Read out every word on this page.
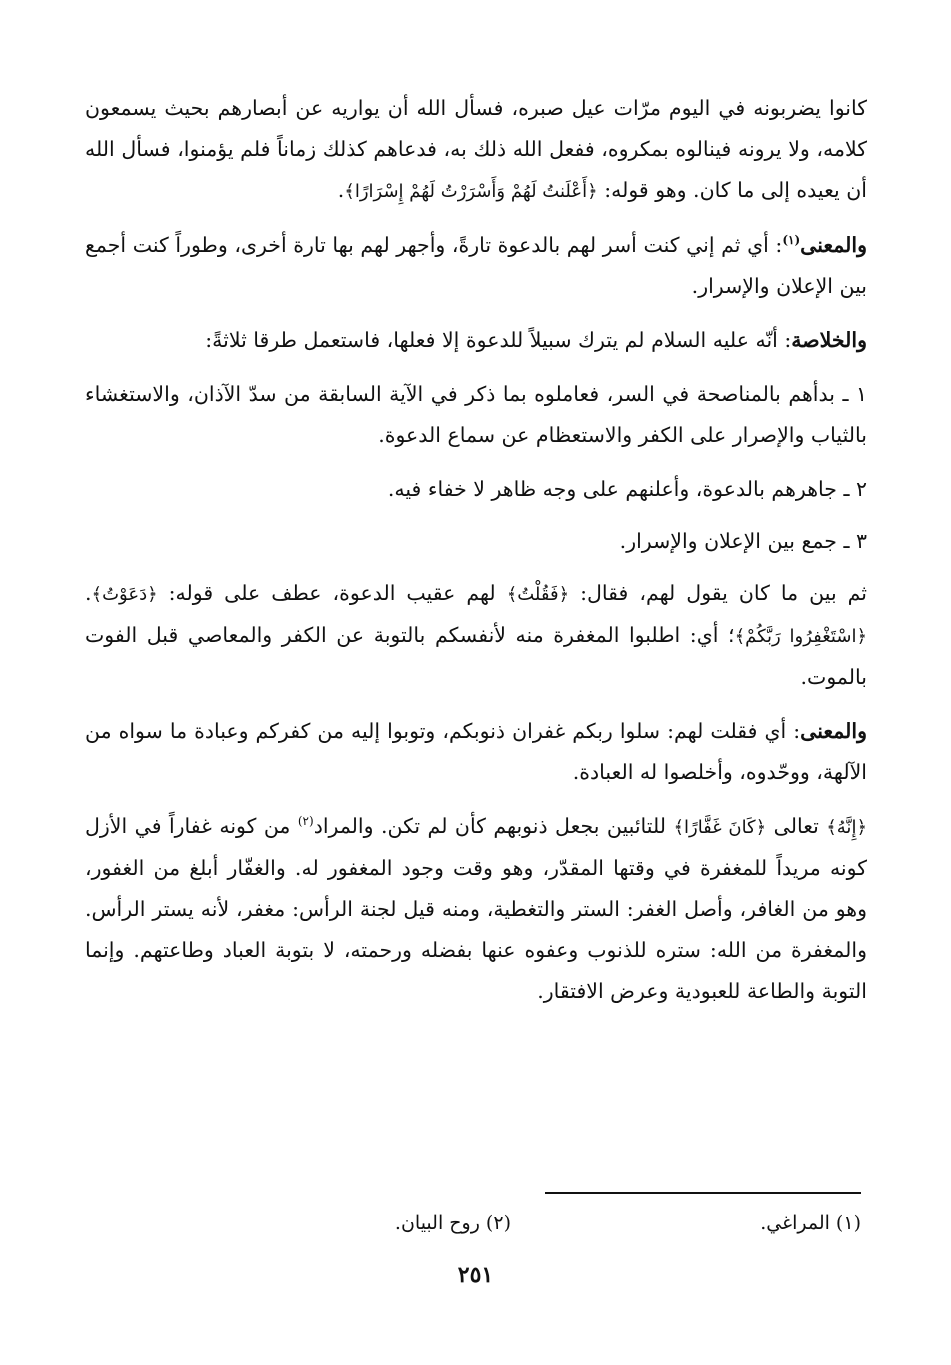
كانوا يضربونه في اليوم مرّات عيل صبره، فسأل الله أن يواريه عن أبصارهم بحيث يسمعون كلامه، ولا يرونه فينالوه بمكروه، ففعل الله ذلك به، فدعاهم كذلك زماناً فلم يؤمنوا، فسأل الله أن يعيده إلى ما كان. وهو قوله: ﴿أَعْلَنتُ لَهُمْ وَأَسْرَرْتُ لَهُمْ إِسْرَارًا﴾.

والمعنى$^{(١)}$: أي ثم إني كنت أسر لهم بالدعوة تارةً، وأجهر لهم بها تارة أخرى، وطوراً كنت أجمع بين الإعلان والإسرار.

والخلاصة: أنّه عليه السلام لم يترك سبيلاً للدعوة إلا فعلها، فاستعمل طرقا ثلاثةً:

١ ـ بدأهم بالمناصحة في السر، فعاملوه بما ذكر في الآية السابقة من سدّ الآذان، والاستغشاء بالثياب والإصرار على الكفر والاستعظام عن سماع الدعوة.

٢ ـ جاهرهم بالدعوة، وأعلنهم على وجه ظاهر لا خفاء فيه.

٣ ـ جمع بين الإعلان والإسرار.

ثم بين ما كان يقول لهم، فقال: ﴿فَقُلْتُ﴾ لهم عقيب الدعوة، عطف على قوله: ﴿دَعَوْتُ﴾. ﴿اسْتَغْفِرُوا رَبَّكُمْ﴾؛ أي: اطلبوا المغفرة منه لأنفسكم بالتوبة عن الكفر والمعاصي قبل الفوت بالموت.

والمعنى: أي فقلت لهم: سلوا ربكم غفران ذنوبكم، وتوبوا إليه من كفركم وعبادة ما سواه من الآلهة، ووحّدوه، وأخلصوا له العبادة.

﴿إِنَّهُ﴾ تعالى ﴿كَانَ غَفَّارًا﴾ للتائبين بجعل ذنوبهم كأن لم تكن. والمراد$^{(٢)}$ من كونه غفاراً في الأزل كونه مريداً للمغفرة في وقتها المقدّر، وهو وقت وجود المغفور له. والغفّار أبلغ من الغفور، وهو من الغافر، وأصل الغفر: الستر والتغطية، ومنه قيل لجنة الرأس: مغفر، لأنه يستر الرأس. والمغفرة من الله: ستره للذنوب وعفوه عنها بفضله ورحمته، لا بتوبة العباد وطاعتهم. وإنما التوبة والطاعة للعبودية وعرض الافتقار.

(١) المراغي.
(٢) روح البيان.
٢٥١
